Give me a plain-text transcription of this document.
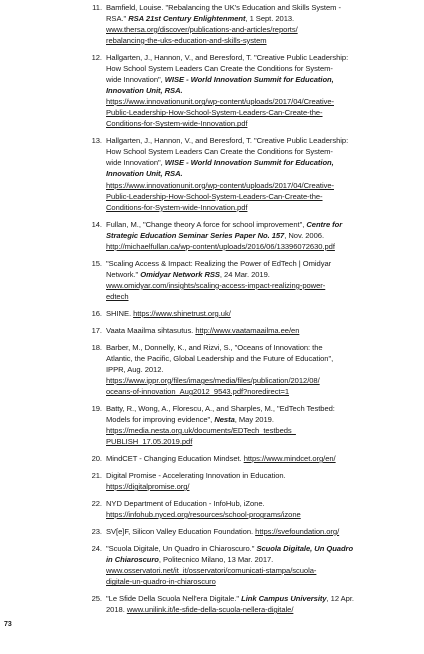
11. Bamfield, Louise. "Rebalancing the UK's Education and Skills System -
RSA." RSA 21st Century Enlightenment, 1 Sept. 2013.
www.thersa.org/discover/publications-and-articles/reports/
rebalancing-the-uks-education-and-skills-system
12. Hallgarten, J., Hannon, V., and Beresford, T. "Creative Public Leadership:
How School System Leaders Can Create the Conditions for System-
wide Innovation", WISE - World Innovation Summit for Education,
Innovation Unit, RSA.
https://www.innovationunit.org/wp-content/uploads/2017/04/Creative-
Public-Leadership-How-School-System-Leaders-Can-Create-the-
Conditions-for-System-wide-Innovation.pdf
13. Hallgarten, J., Hannon, V., and Beresford, T. "Creative Public Leadership:
How School System Leaders Can Create the Conditions for System-
wide Innovation", WISE - World Innovation Summit for Education,
Innovation Unit, RSA.
https://www.innovationunit.org/wp-content/uploads/2017/04/Creative-
Public-Leadership-How-School-System-Leaders-Can-Create-the-
Conditions-for-System-wide-Innovation.pdf
14. Fullan, M., "Change theory A force for school improvement", Centre for
Strategic Education Seminar Series Paper No. 157, Nov. 2006.
http://michaelfullan.ca/wp-content/uploads/2016/06/13396072630.pdf
15. "Scaling Access & Impact: Realizing the Power of EdTech | Omidyar
Network." Omidyar Network RSS, 24 Mar. 2019.
www.omidyar.com/insights/scaling-access-impact-realizing-power-
edtech
16. SHINE. https://www.shinetrust.org.uk/
17. Vaata Maailma sihtasutus. http://www.vaatamaailma.ee/en
18. Barber, M., Donnelly, K., and Rizvi, S., "Oceans of Innovation: the
Atlantic, the Pacific, Global Leadership and the Future of Education",
IPPR, Aug. 2012.
https://www.ippr.org/files/images/media/files/publication/2012/08/
oceans-of-innovation_Aug2012_9543.pdf?noredirect=1
19. Batty, R., Wong, A., Florescu, A., and Sharples, M., "EdTech Testbed:
Models for improving evidence", Nesta, May 2019.
https://media.nesta.org.uk/documents/EDTech_testbeds_
PUBLISH_17.05.2019.pdf
20. MindCET - Changing Education Mindset. https://www.mindcet.org/en/
21. Digital Promise - Accelerating Innovation in Education.
https://digitalpromise.org/
22. NYD Department of Education - InfoHub, iZone.
https://infohub.nyced.org/resources/school-programs/izone
23. SV[e]F, Silicon Valley Education Foundation. https://svefoundation.org/
24. "Scuola Digitale, Un Quadro in Chiaroscuro." Scuola Digitale, Un Quadro
in Chiaroscuro, Politecnico Milano, 13 Mar. 2017.
www.osservatori.net/it_it/osservatori/comunicati-stampa/scuola-
digitale-un-quadro-in-chiaroscuro
25. "Le Sfide Della Scuola Nell'era Digitale." Link Campus University, 12 Apr.
2018. www.unilink.it/le-sfide-della-scuola-nellera-digitale/
73
